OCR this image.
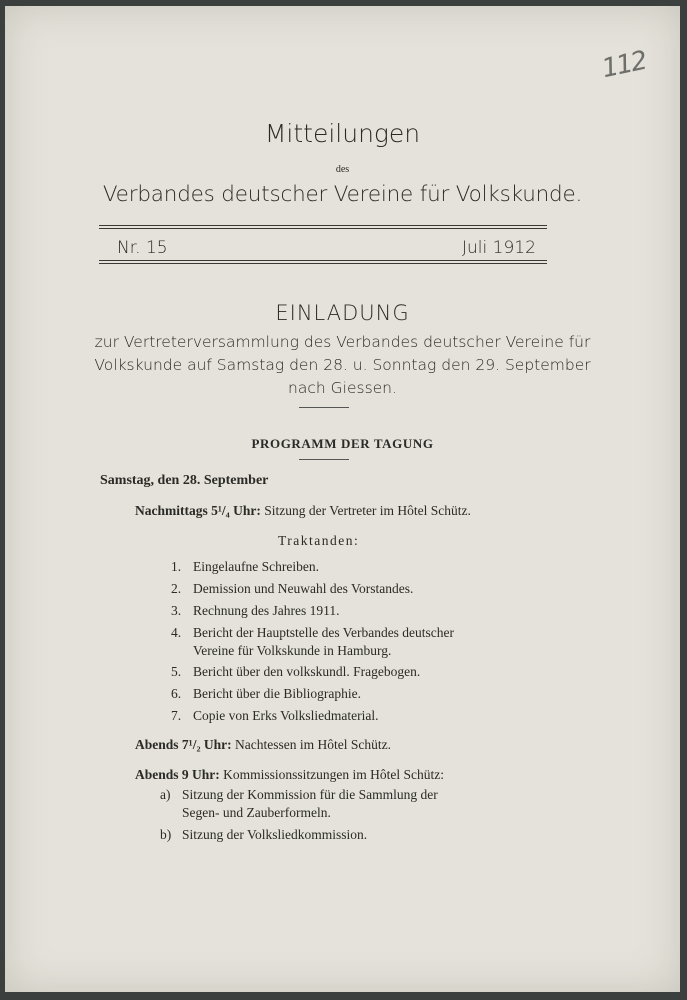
112
Mitteilungen
des
Verbandes deutscher Vereine für Volkskunde.
Nr. 15	Juli 1912
EINLADUNG
zur Vertreterversammlung des Verbandes deutscher Vereine für
Volkskunde auf Samstag den 28. u. Sonntag den 29. September
nach Giessen.
PROGRAMM DER TAGUNG
Samstag, den 28. September
Nachmittags 5¹/₄ Uhr: Sitzung der Vertreter im Hôtel Schütz.
Traktanden:
1. Eingelaufne Schreiben.
2. Demission und Neuwahl des Vorstandes.
3. Rechnung des Jahres 1911.
4. Bericht der Hauptstelle des Verbandes deutscher
Vereine für Volkskunde in Hamburg.
5. Bericht über den volkskundl. Fragebogen.
6. Bericht über die Bibliographie.
7. Copie von Erks Volksliedmaterial.
Abends 7¹/₂ Uhr: Nachtessen im Hôtel Schütz.
Abends 9 Uhr: Kommissionssitzungen im Hôtel Schütz:
a) Sitzung der Kommission für die Sammlung der
Segen- und Zauberformeln.
b) Sitzung der Volksliedkommission.
